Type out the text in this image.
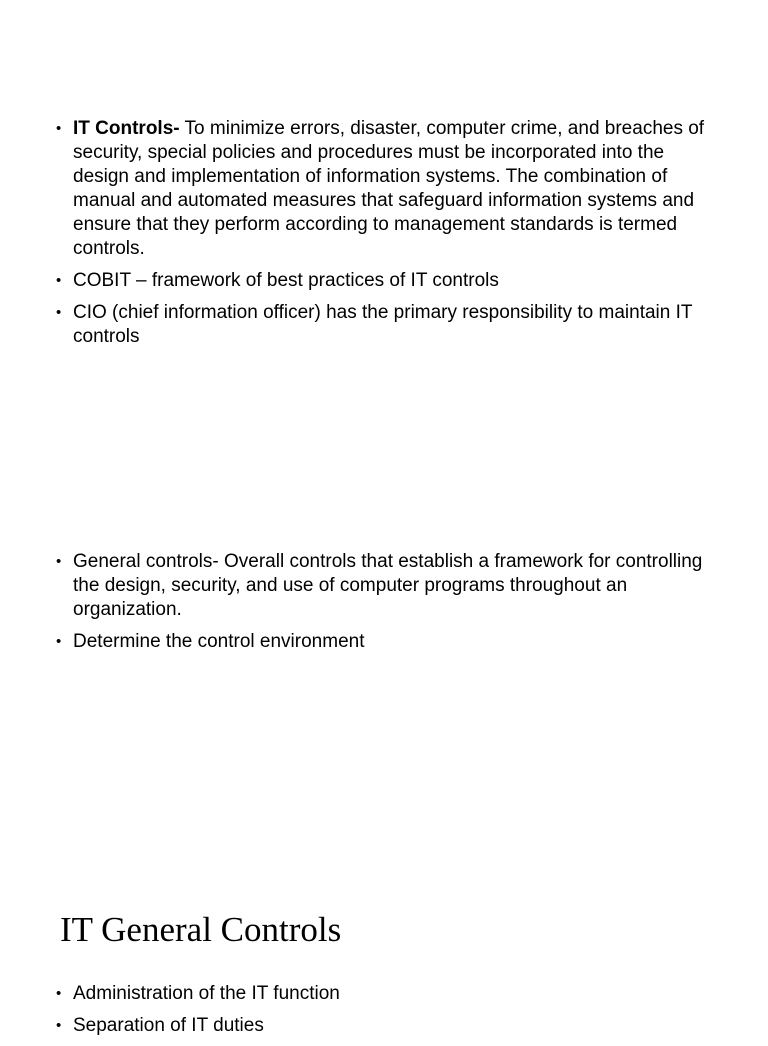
• IT Controls- To minimize errors, disaster, computer crime, and breaches of security, special policies and procedures must be incorporated into the design and implementation of information systems. The combination of manual and automated measures that safeguard information systems and ensure that they perform according to management standards is termed controls.
• COBIT – framework of best practices of IT controls
• CIO (chief information officer) has the primary responsibility to maintain IT controls
• General controls- Overall controls that establish a framework for controlling the design, security, and use of computer programs throughout an organization.
• Determine the control environment
IT General Controls
• Administration of the IT function
• Separation of IT duties
